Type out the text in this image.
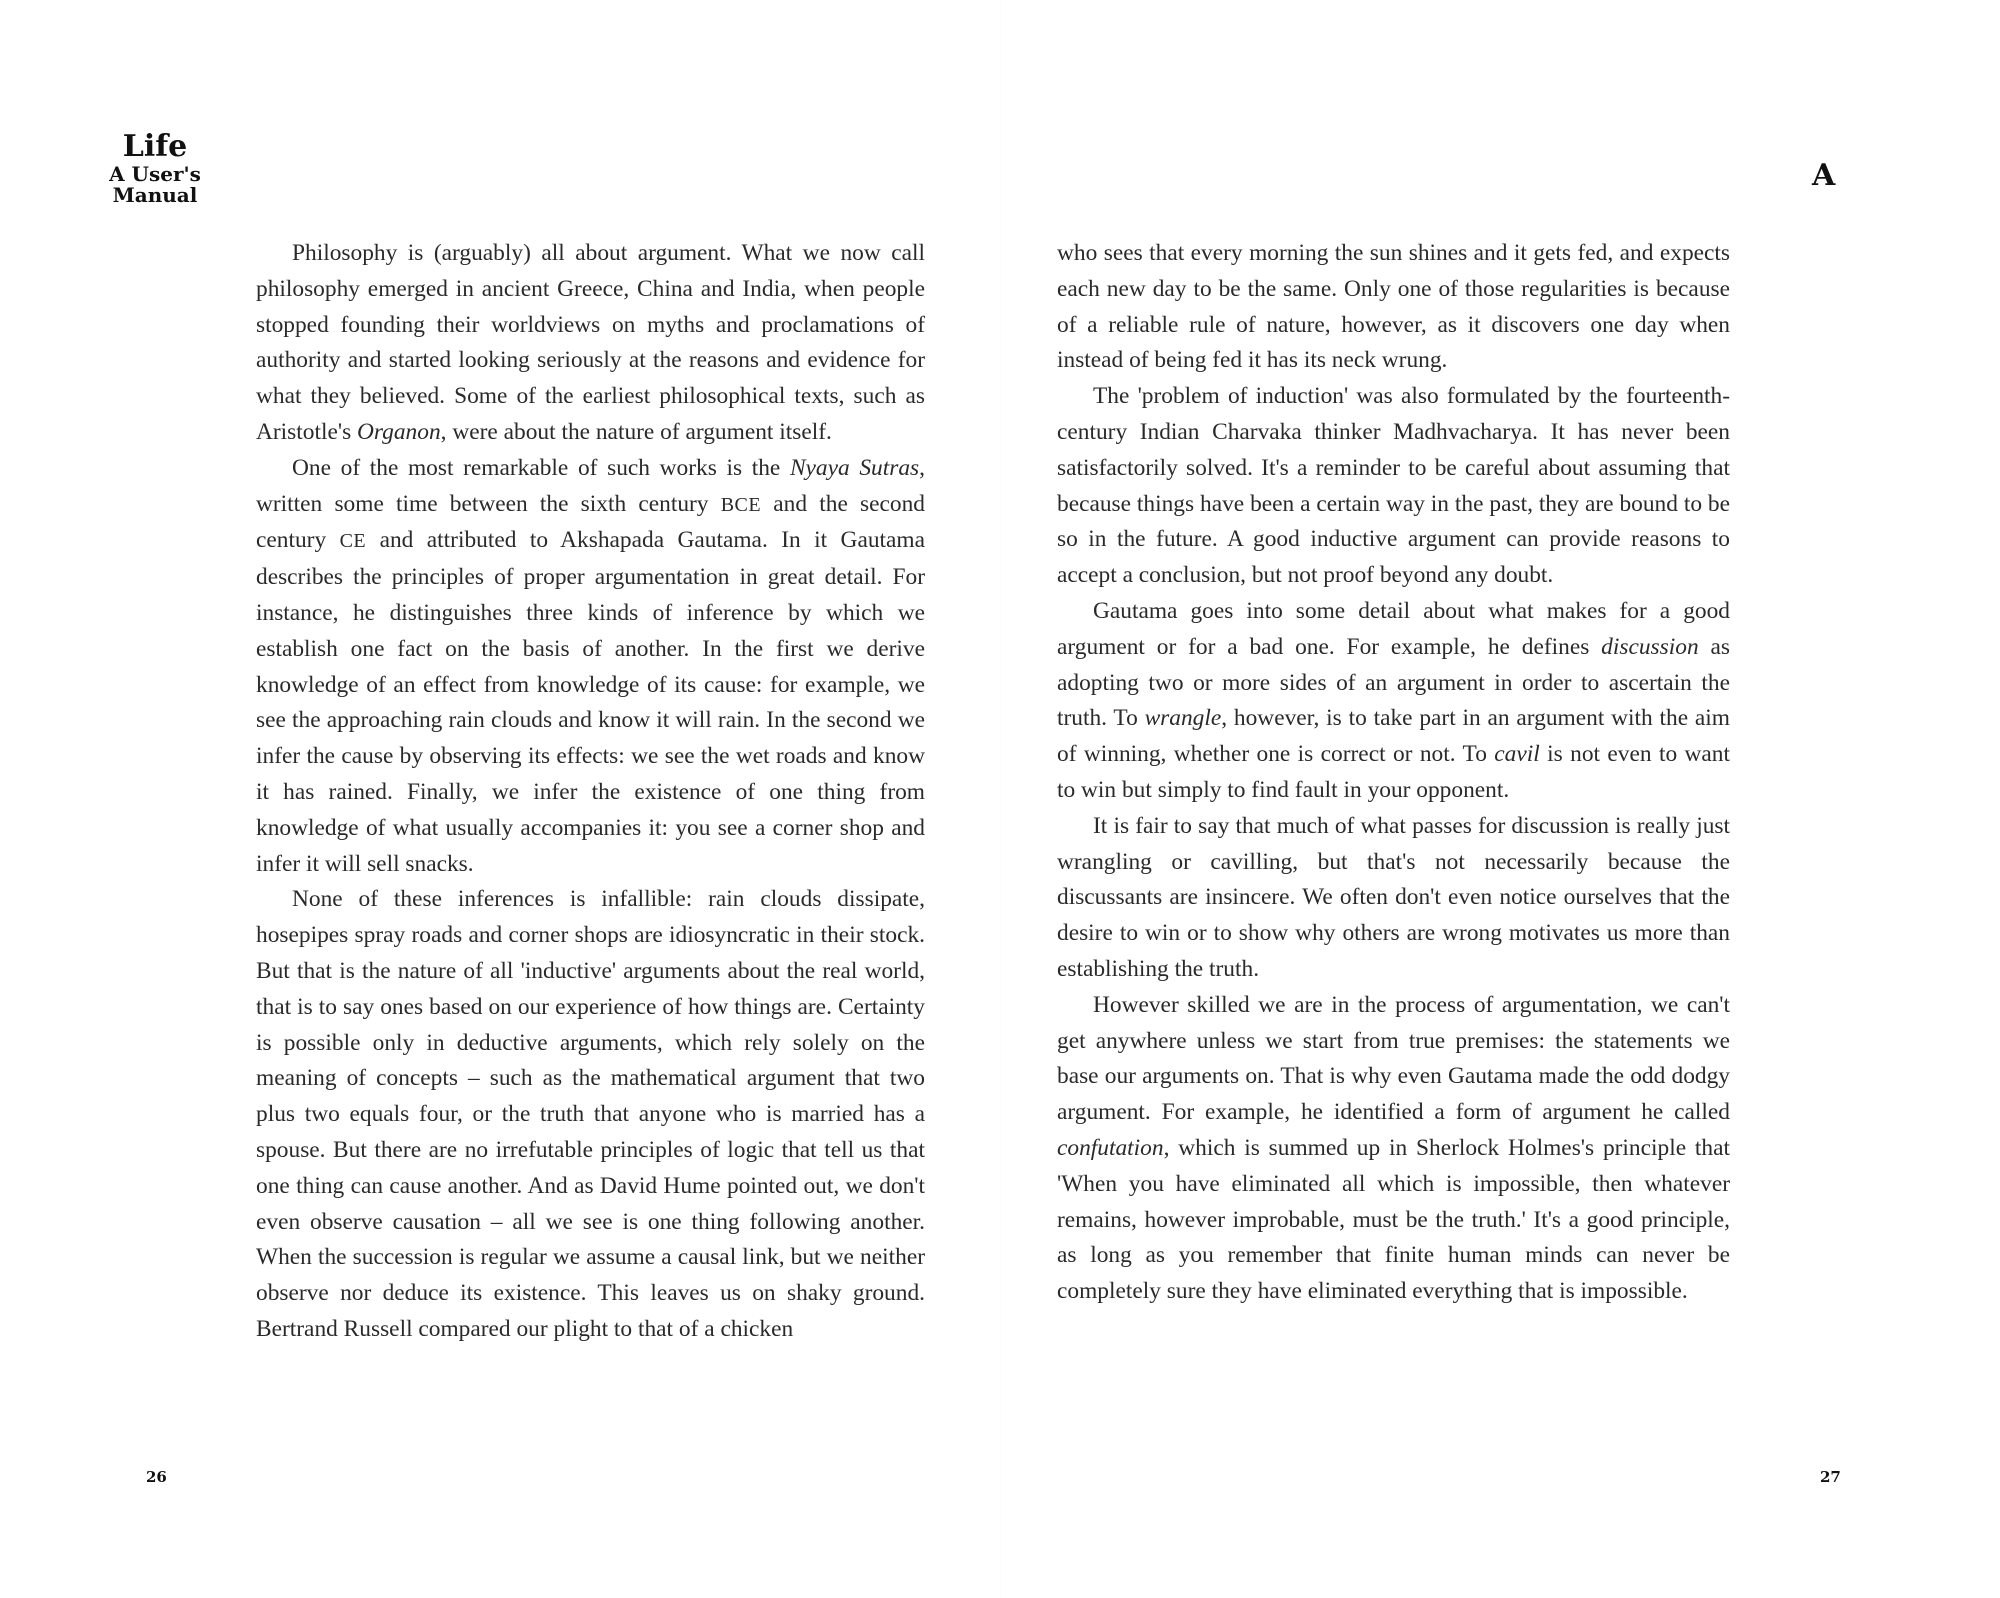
Life
A User's
Manual
A

Philosophy is (arguably) all about argument. What we now call philosophy emerged in ancient Greece, China and India, when people stopped founding their worldviews on myths and proclamations of authority and started looking seriously at the reasons and evidence for what they believed. Some of the earliest philosophical texts, such as Aristotle's Organon, were about the nature of argument itself.

One of the most remarkable of such works is the Nyaya Sutras, written some time between the sixth century BCE and the second century CE and attributed to Akshapada Gautama. In it Gautama describes the principles of proper argumentation in great detail. For instance, he distinguishes three kinds of inference by which we establish one fact on the basis of another. In the first we derive knowledge of an effect from knowledge of its cause: for example, we see the approaching rain clouds and know it will rain. In the second we infer the cause by observing its effects: we see the wet roads and know it has rained. Finally, we infer the existence of one thing from knowledge of what usually accompanies it: you see a corner shop and infer it will sell snacks.

None of these inferences is infallible: rain clouds dissipate, hosepipes spray roads and corner shops are idiosyncratic in their stock. But that is the nature of all 'inductive' arguments about the real world, that is to say ones based on our experience of how things are. Certainty is possible only in deductive arguments, which rely solely on the meaning of concepts – such as the mathematical argument that two plus two equals four, or the truth that anyone who is married has a spouse. But there are no irrefutable principles of logic that tell us that one thing can cause another. And as David Hume pointed out, we don't even observe causation – all we see is one thing following another. When the succession is regular we assume a causal link, but we neither observe nor deduce its existence. This leaves us on shaky ground. Bertrand Russell compared our plight to that of a chicken

who sees that every morning the sun shines and it gets fed, and expects each new day to be the same. Only one of those regularities is because of a reliable rule of nature, however, as it discovers one day when instead of being fed it has its neck wrung.

The 'problem of induction' was also formulated by the fourteenth-century Indian Charvaka thinker Madhvacharya. It has never been satisfactorily solved. It's a reminder to be careful about assuming that because things have been a certain way in the past, they are bound to be so in the future. A good inductive argument can provide reasons to accept a conclusion, but not proof beyond any doubt.

Gautama goes into some detail about what makes for a good argument or for a bad one. For example, he defines discussion as adopting two or more sides of an argument in order to ascertain the truth. To wrangle, however, is to take part in an argument with the aim of winning, whether one is correct or not. To cavil is not even to want to win but simply to find fault in your opponent.

It is fair to say that much of what passes for discussion is really just wrangling or cavilling, but that's not necessarily because the discussants are insincere. We often don't even notice ourselves that the desire to win or to show why others are wrong motivates us more than establishing the truth.

However skilled we are in the process of argumentation, we can't get anywhere unless we start from true premises: the statements we base our arguments on. That is why even Gautama made the odd dodgy argument. For example, he identified a form of argument he called confutation, which is summed up in Sherlock Holmes's principle that 'When you have eliminated all which is impossible, then whatever remains, however improbable, must be the truth.' It's a good principle, as long as you remember that finite human minds can never be completely sure they have eliminated everything that is impossible.

26	27
